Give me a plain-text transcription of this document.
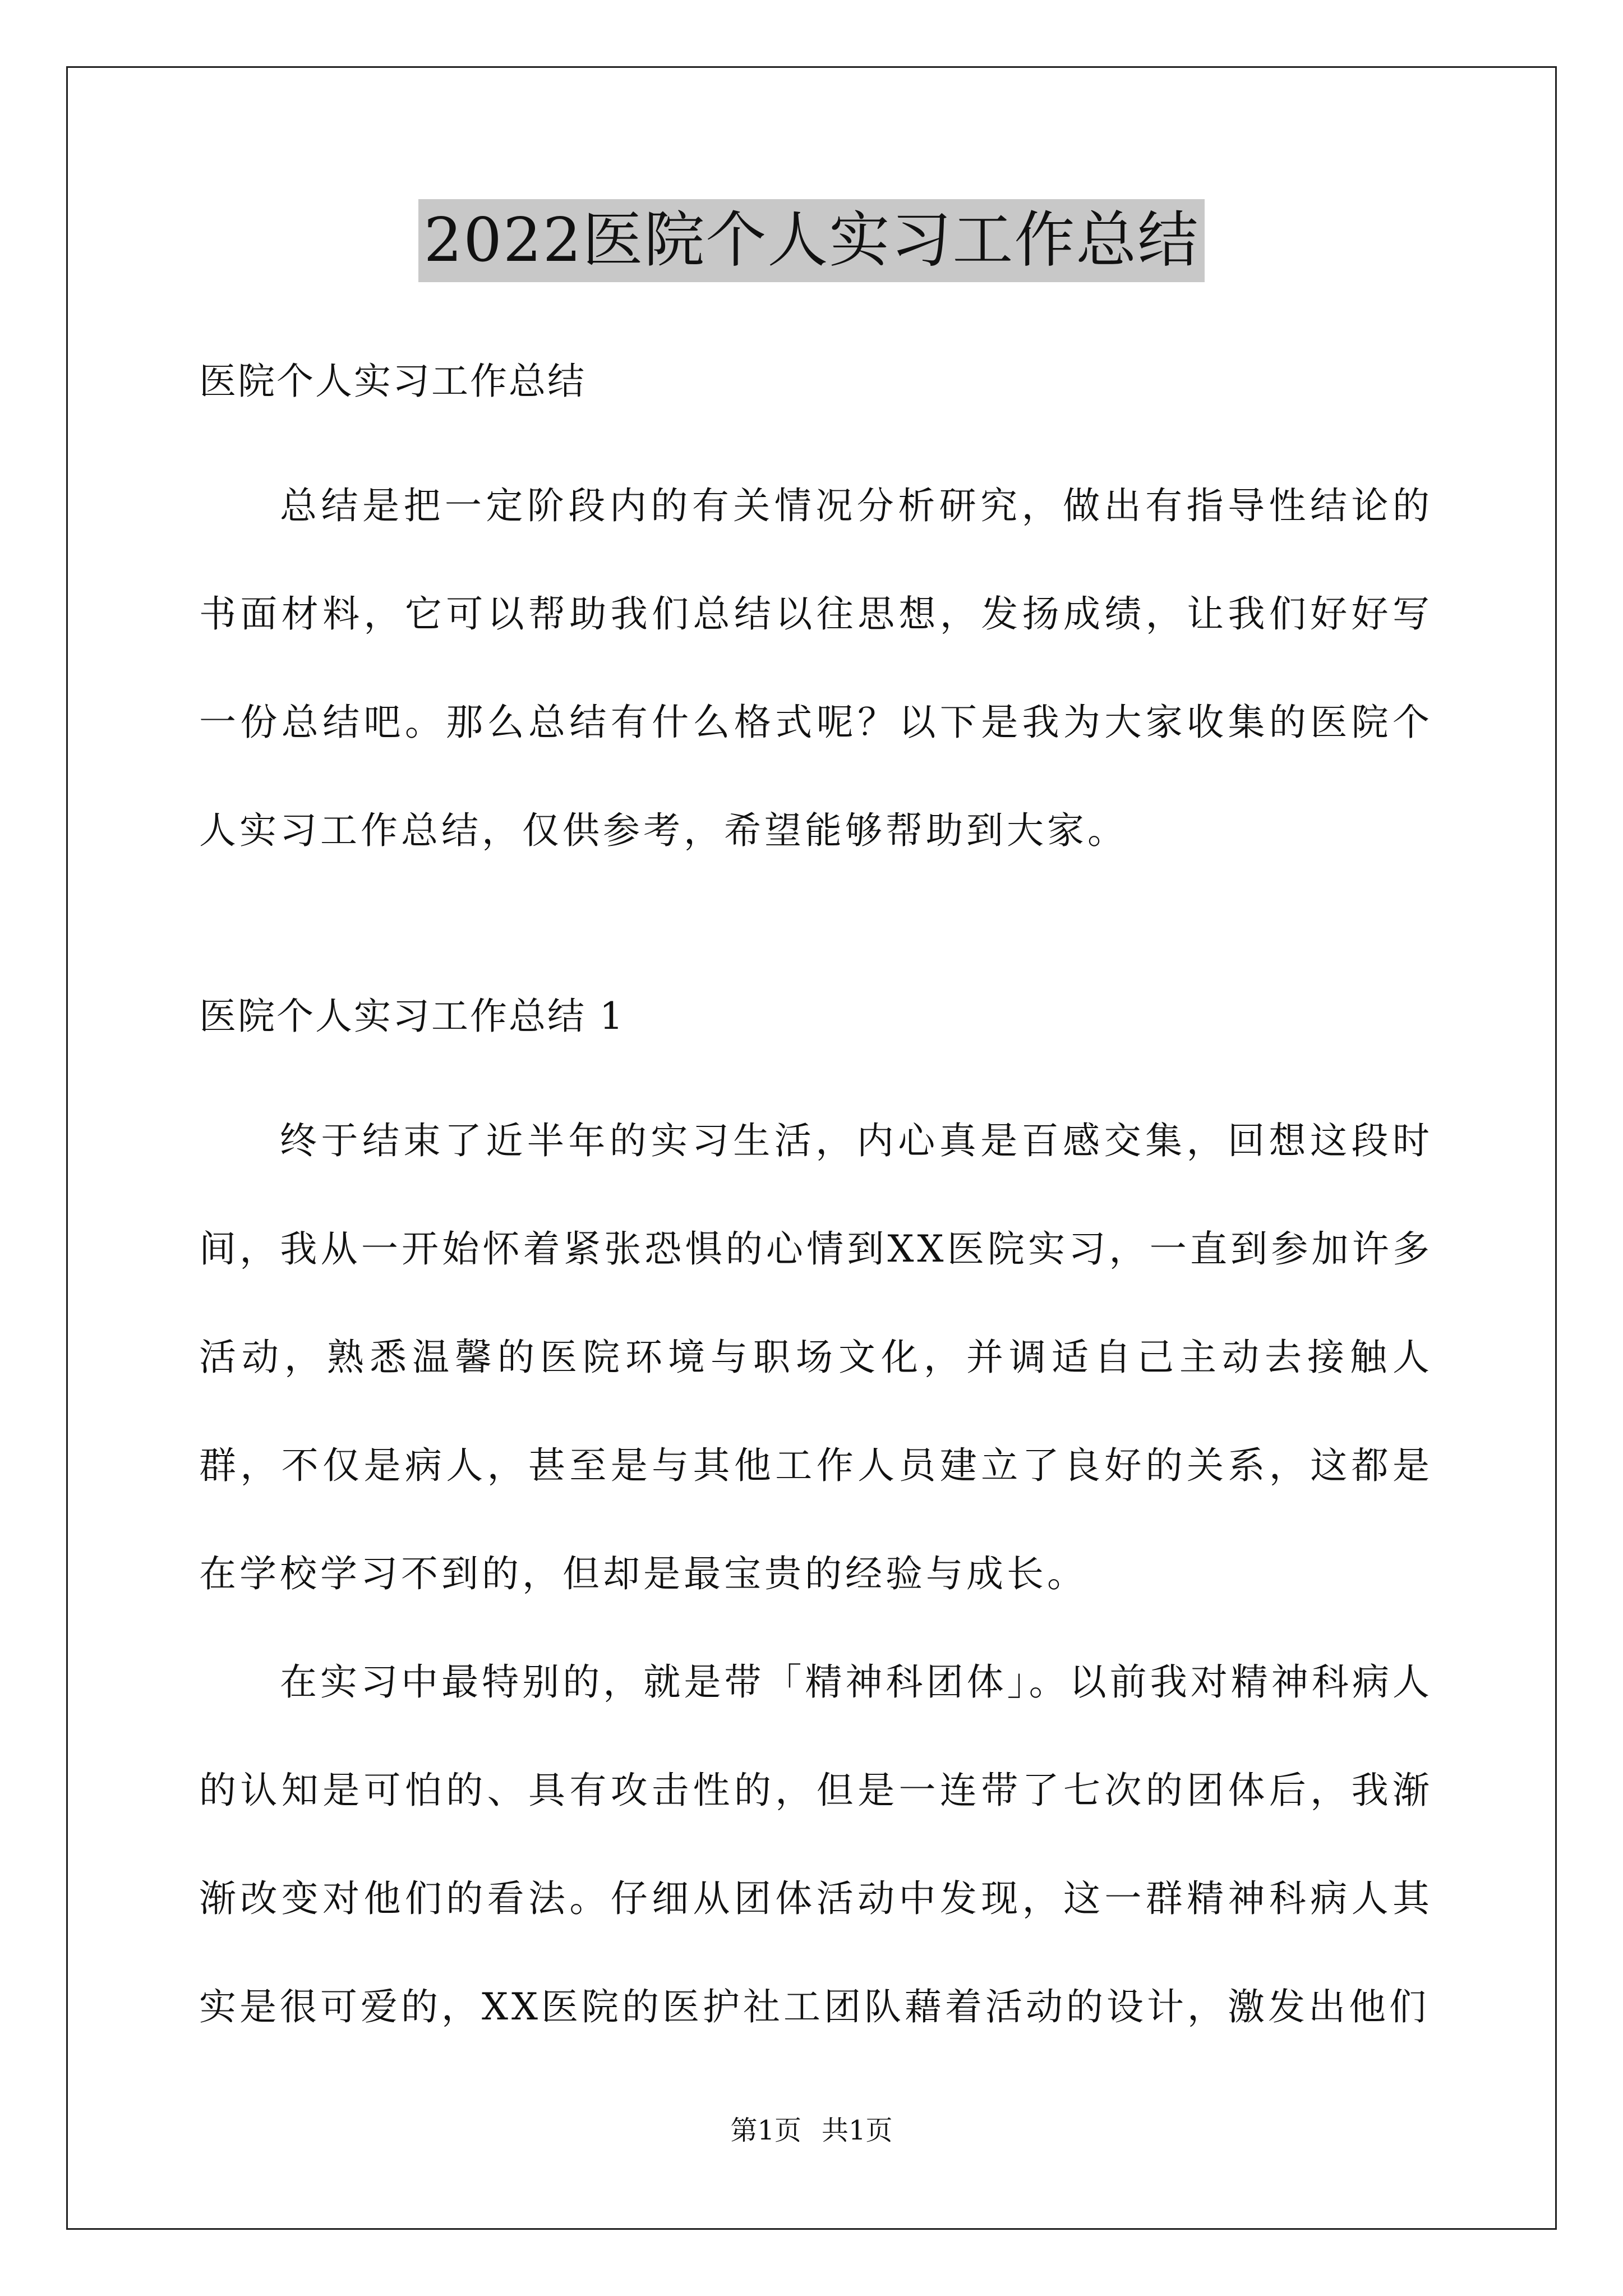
2022医院个人实习工作总结

医院个人实习工作总结

总结是把一定阶段内的有关情况分析研究，做出有指导性结论的书面材料，它可以帮助我们总结以往思想，发扬成绩，让我们好好写一份总结吧。那么总结有什么格式呢？以下是我为大家收集的医院个人实习工作总结，仅供参考，希望能够帮助到大家。

医院个人实习工作总结 1

终于结束了近半年的实习生活，内心真是百感交集，回想这段时间，我从一开始怀着紧张恐惧的心情到XX医院实习，一直到参加许多活动，熟悉温馨的医院环境与职场文化，并调适自己主动去接触人群，不仅是病人，甚至是与其他工作人员建立了良好的关系，这都是在学校学习不到的，但却是最宝贵的经验与成长。

在实习中最特别的，就是带「精神科团体」。以前我对精神科病人的认知是可怕的、具有攻击性的，但是一连带了七次的团体后，我渐渐改变对他们的看法。仔细从团体活动中发现，这一群精神科病人其实是很可爱的，XX医院的医护社工团队藉着活动的设计，激发出他们

第1页 共1页
